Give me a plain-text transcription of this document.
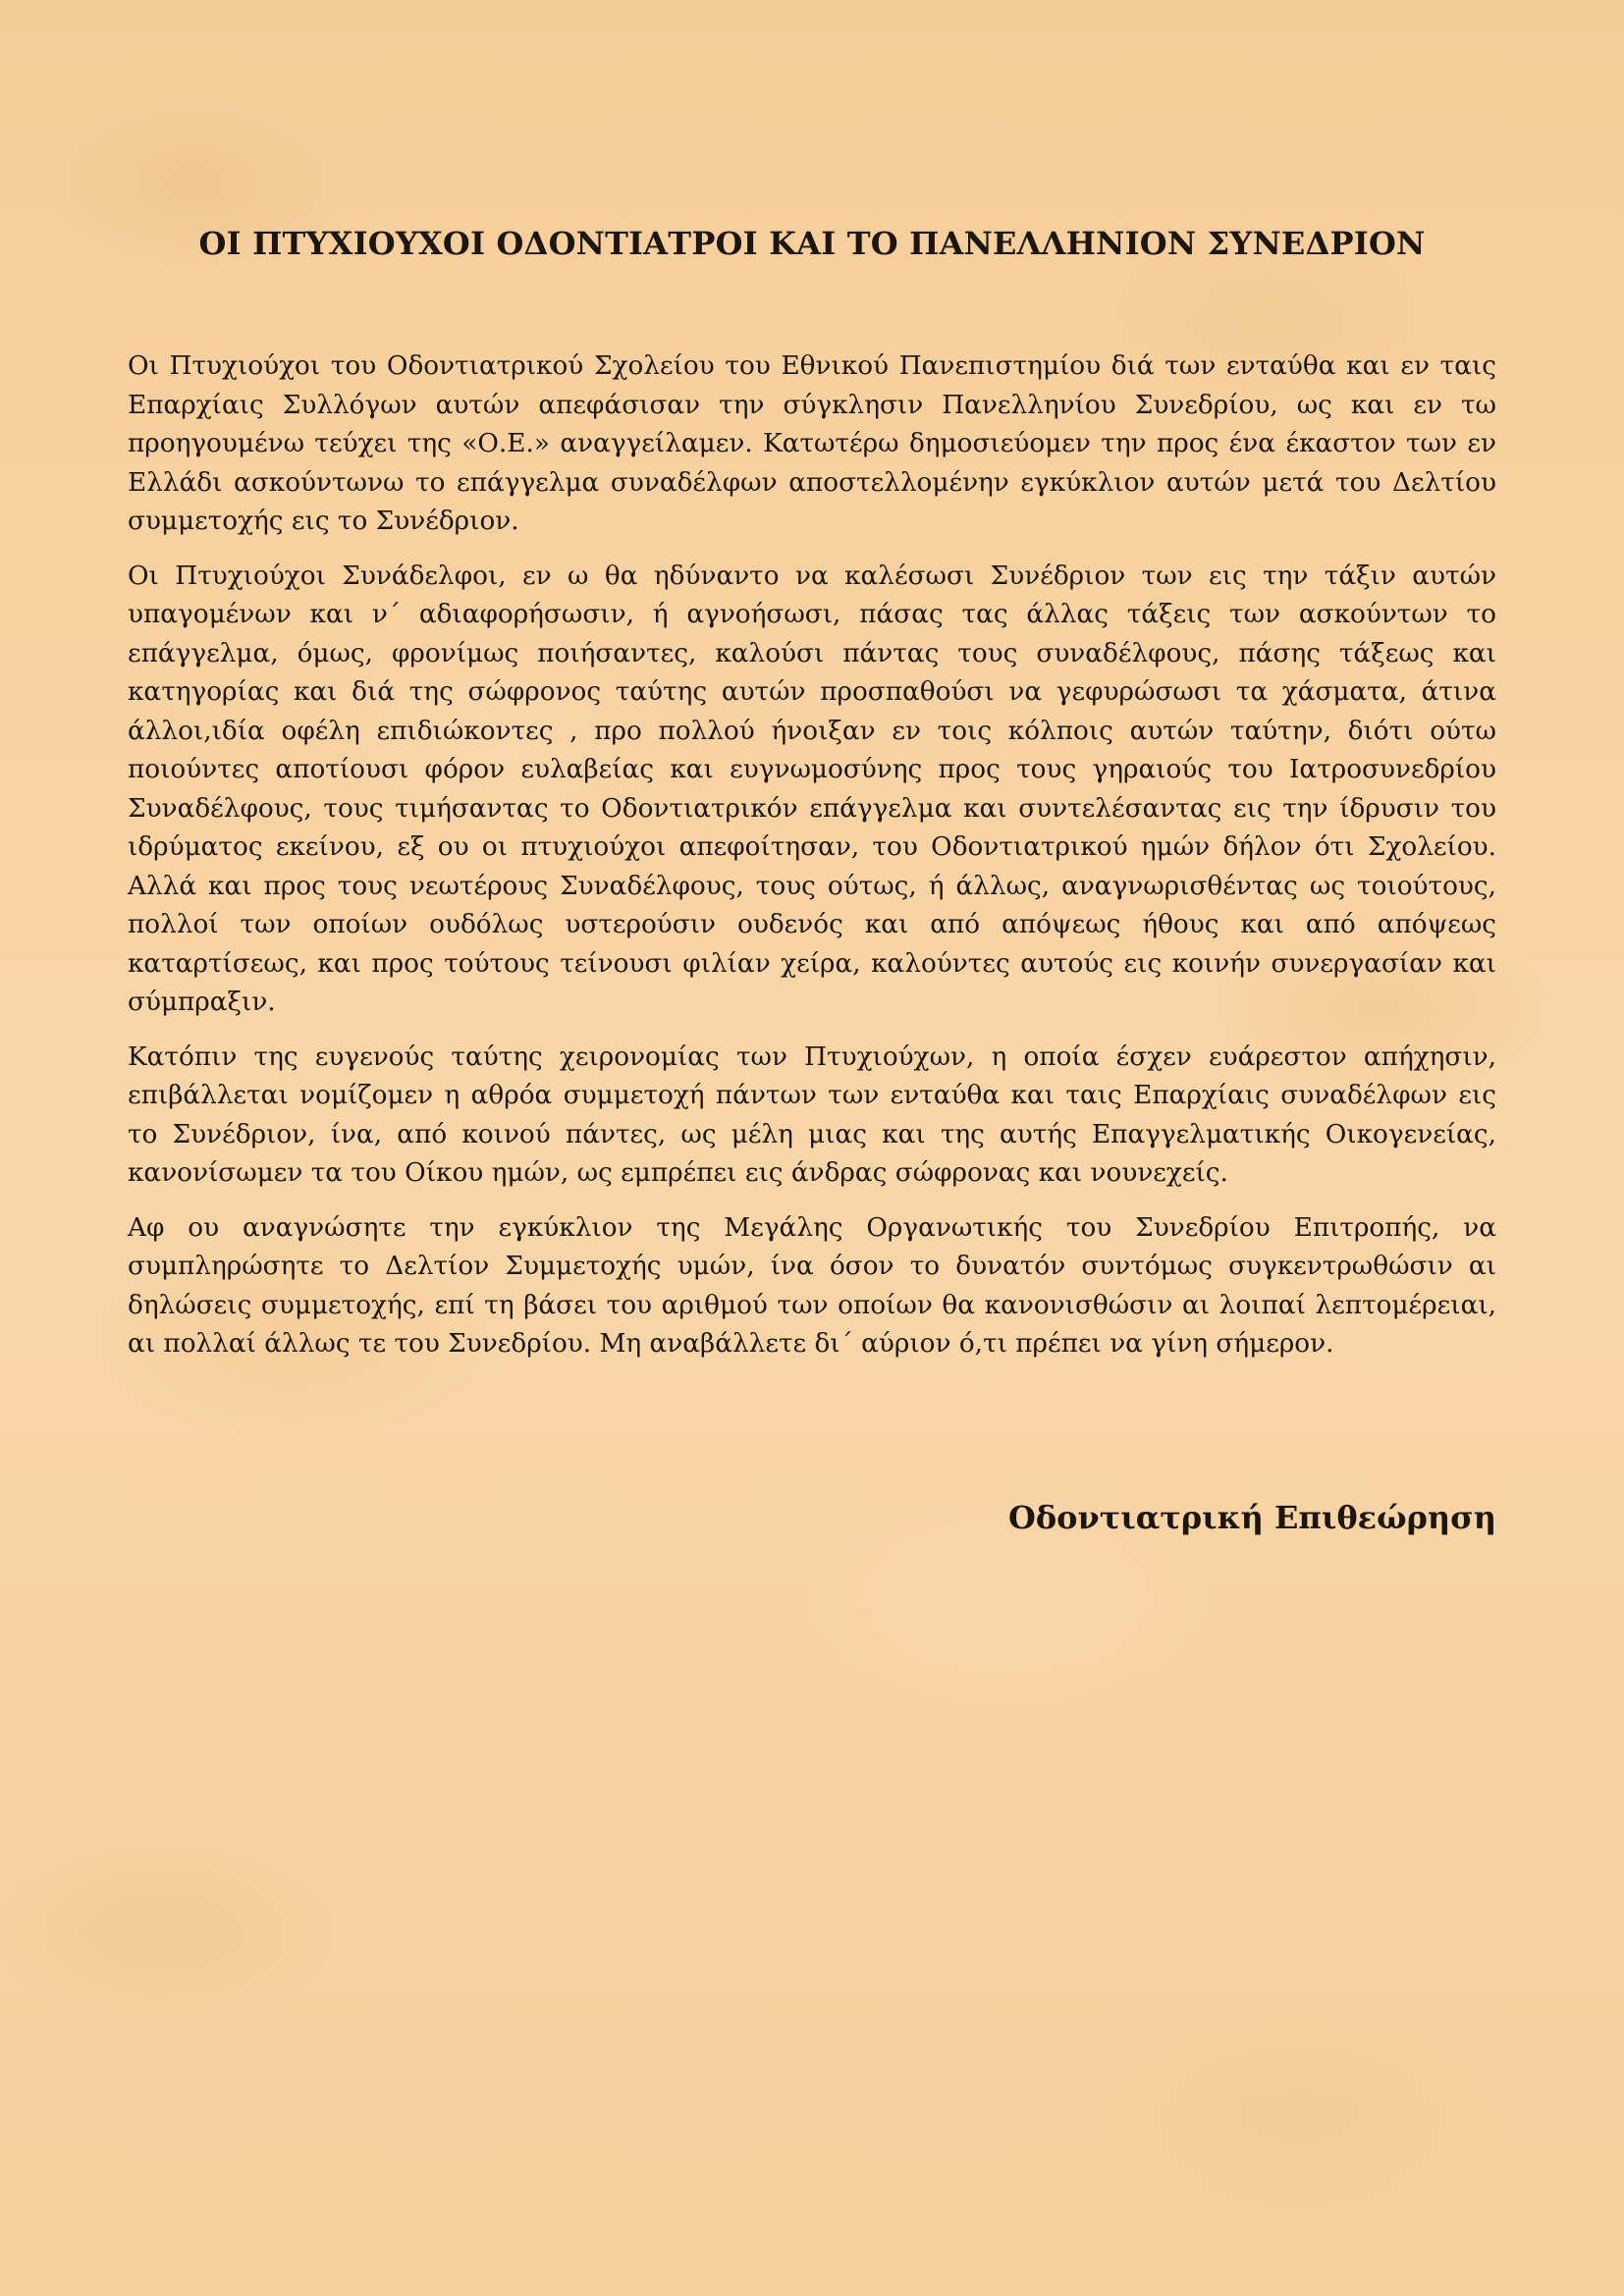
ΟΙ ΠΤΥΧΙΟΥΧΟΙ ΟΔΟΝΤΙΑΤΡΟΙ ΚΑΙ ΤΟ ΠΑΝΕΛΛΗΝΙΟΝ ΣΥΝΕΔΡΙΟΝ

Οι Πτυχιούχοι του Οδοντιατρικού Σχολείου του Εθνικού Πανεπιστημίου διά των ενταύθα και εν ταις Επαρχίαις Συλλόγων αυτών απεφάσισαν την σύγκλησιν Πανελληνίου Συνεδρίου, ως και εν τω προηγουμένω τεύχει της «Ο.Ε.» αναγγείλαμεν. Κατωτέρω δημοσιεύομεν την προς ένα έκαστον των εν Ελλάδι ασκούντωνω το επάγγελμα συναδέλφων αποστελλομένην εγκύκλιον αυτών μετά του Δελτίου συμμετοχής εις το Συνέδριον.

Οι Πτυχιούχοι Συνάδελφοι, εν ω θα ηδύναντο να καλέσωσι Συνέδριον των εις την τάξιν αυτών υπαγομένων και ν΄ αδιαφορήσωσιν, ή αγνοήσωσι, πάσας τας άλλας τάξεις των ασκούντων το επάγγελμα, όμως, φρονίμως ποιήσαντες, καλούσι πάντας τους συναδέλφους, πάσης τάξεως και κατηγορίας και διά της σώφρονος ταύτης αυτών προσπαθούσι να γεφυρώσωσι τα χάσματα, άτινα άλλοι,ιδία οφέλη επιδιώκοντες , προ πολλού ήνοιξαν εν τοις κόλποις αυτών ταύτην, διότι ούτω ποιούντες αποτίουσι φόρον ευλαβείας και ευγνωμοσύνης προς τους γηραιούς του Ιατροσυνεδρίου Συναδέλφους, τους τιμήσαντας το Οδοντιατρικόν επάγγελμα και συντελέσαντας εις την ίδρυσιν του ιδρύματος εκείνου, εξ ου οι πτυχιούχοι απεφοίτησαν, του Οδοντιατρικού ημών δήλον ότι Σχολείου. Αλλά και προς τους νεωτέρους Συναδέλφους, τους ούτως, ή άλλως, αναγνωρισθέντας ως τοιούτους, πολλοί των οποίων ουδόλως υστερούσιν ουδενός και από απόψεως ήθους και από απόψεως καταρτίσεως, και προς τούτους τείνουσι φιλίαν χείρα, καλούντες αυτούς εις κοινήν συνεργασίαν και σύμπραξιν.

Κατόπιν της ευγενούς ταύτης χειρονομίας των Πτυχιούχων, η οποία έσχεν ευάρεστον απήχησιν, επιβάλλεται νομίζομεν η αθρόα συμμετοχή πάντων των ενταύθα και ταις Επαρχίαις συναδέλφων εις το Συνέδριον, ίνα, από κοινού πάντες, ως μέλη μιας και της αυτής Επαγγελματικής Οικογενείας, κανονίσωμεν τα του Οίκου ημών, ως εμπρέπει εις άνδρας σώφρονας και νουνεχείς.

Αφ ου αναγνώσητε την εγκύκλιον της Μεγάλης Οργανωτικής του Συνεδρίου Επιτροπής, να συμπληρώσητε το Δελτίον Συμμετοχής υμών, ίνα όσον το δυνατόν συντόμως συγκεντρωθώσιν αι δηλώσεις συμμετοχής, επί τη βάσει του αριθμού των οποίων θα κανονισθώσιν αι λοιπαί λεπτομέρειαι, αι πολλαί άλλως τε του Συνεδρίου. Μη αναβάλλετε δι΄ αύριον ό,τι πρέπει να γίνη σήμερον.

Οδοντιατρική Επιθεώρηση
